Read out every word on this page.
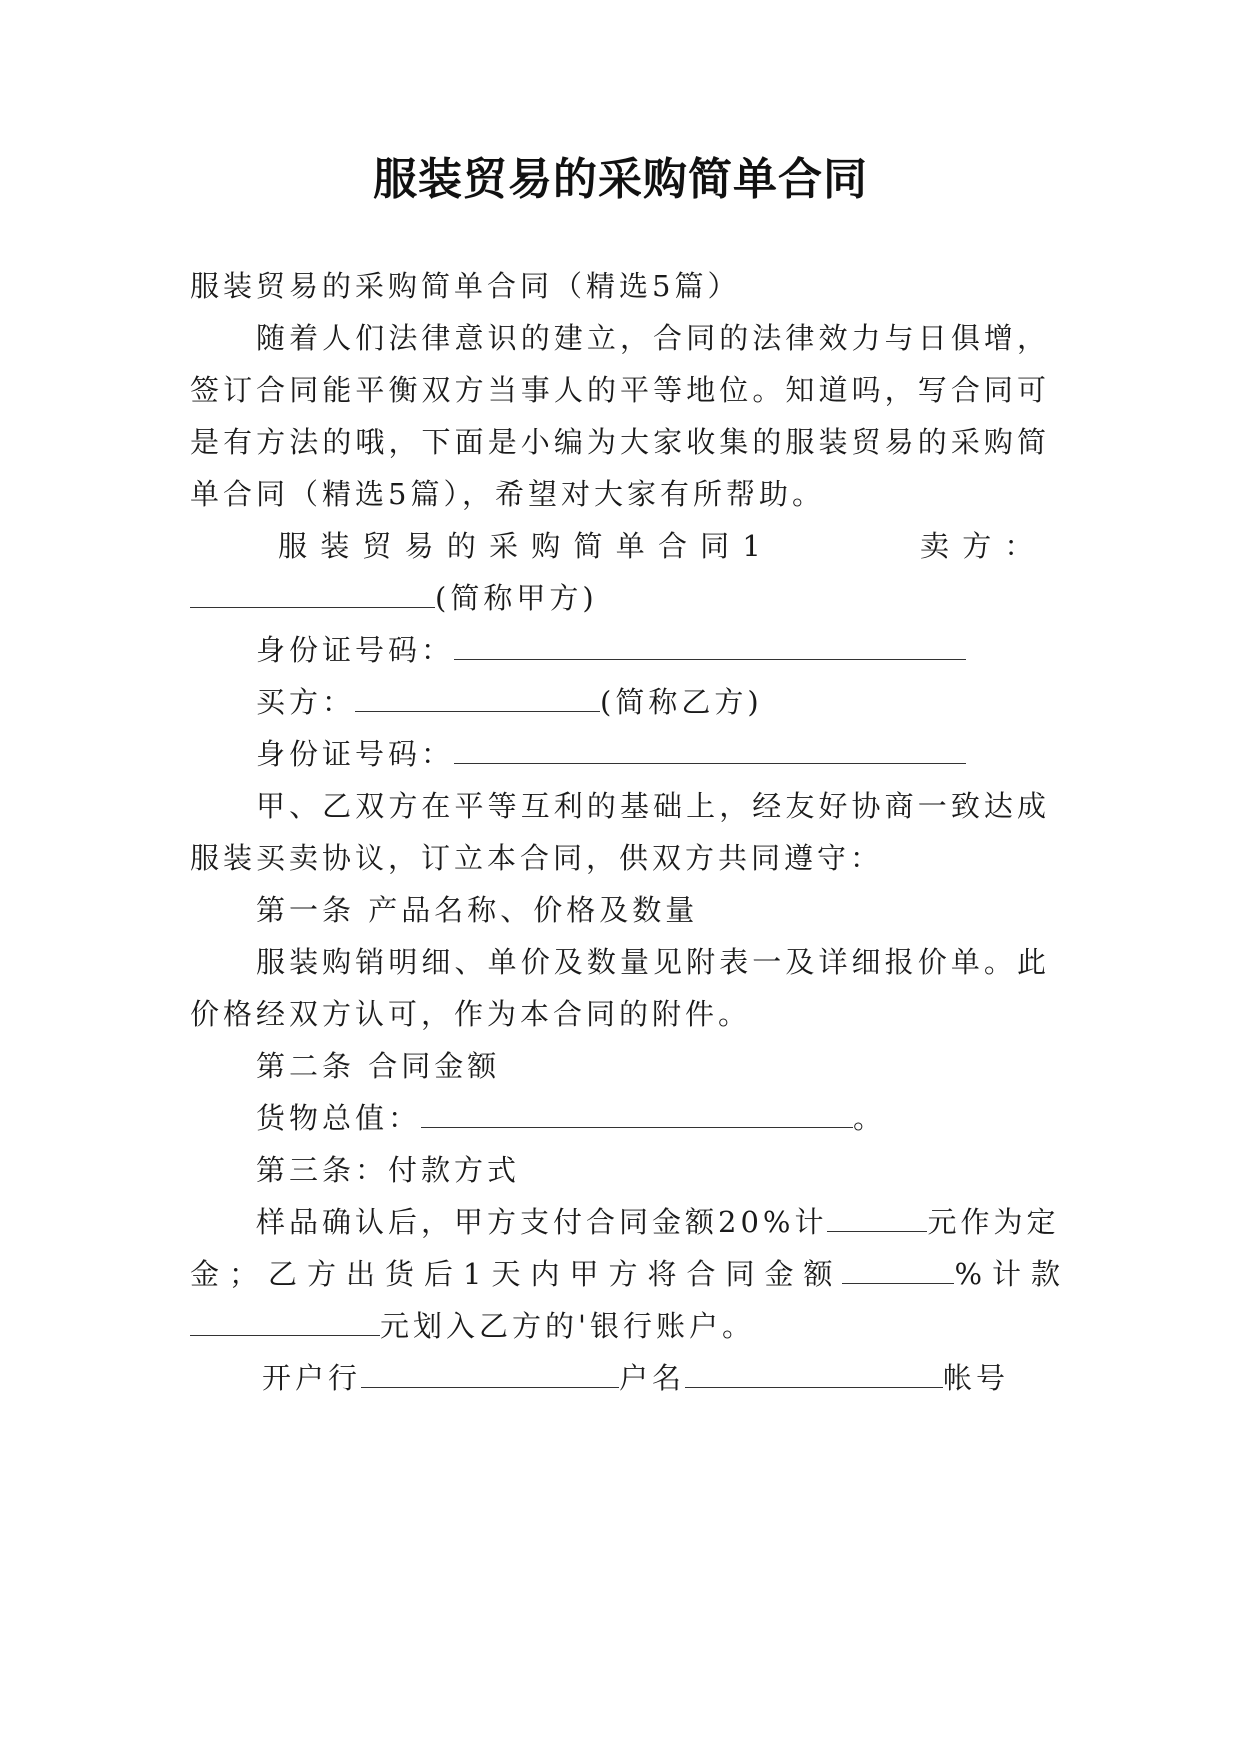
服装贸易的采购简单合同
服装贸易的采购简单合同（精选5篇）
随着人们法律意识的建立，合同的法律效力与日俱增，
签订合同能平衡双方当事人的平等地位。知道吗，写合同可
是有方法的哦，下面是小编为大家收集的服装贸易的采购简
单合同（精选5篇），希望对大家有所帮助。
服 装 贸 易 的 采 购 简 单 合 同 1	卖 方 ：
(简称甲方)
身份证号码：
买方：	(简称乙方)
身份证号码：
甲、乙双方在平等互利的基础上，经友好协商一致达成
服装买卖协议，订立本合同，供双方共同遵守：
第一条 产品名称、价格及数量
服装购销明细、单价及数量见附表一及详细报价单。此
价格经双方认可，作为本合同的附件。
第二条 合同金额
货物总值：	。
第三条：付款方式
样品确认后，甲方支付合同金额20%计	元作为定
金；乙方出货后1天内甲方将合同金额	%计款
元划入乙方的'银行账户。
开户行	户名	帐号
